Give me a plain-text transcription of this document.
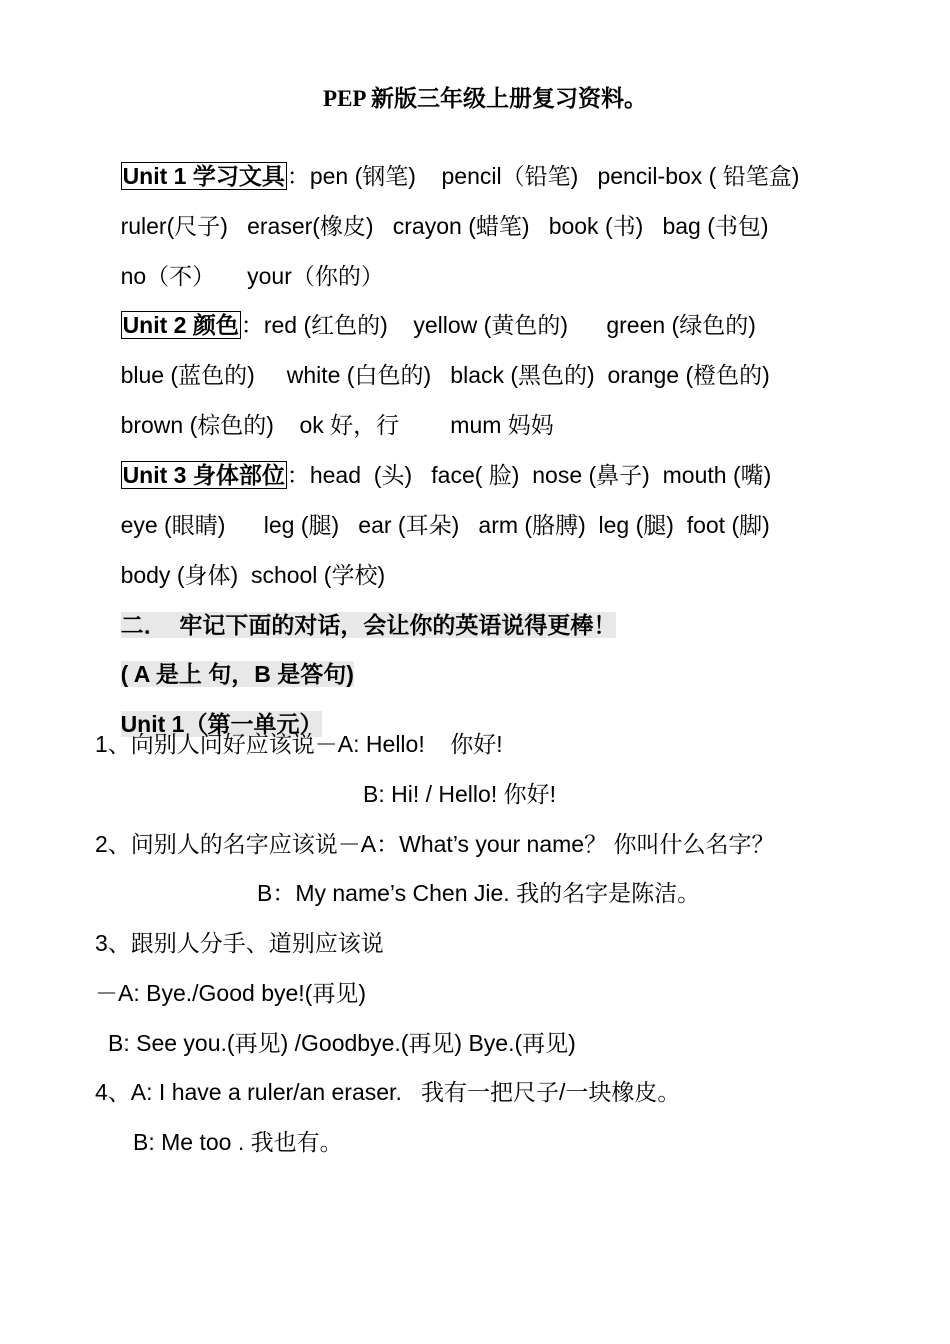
PEP 新版三年级上册复习资料。

Unit 1 学习文具：pen (钢笔) pencil（铅笔) pencil-box ( 铅笔盒)

ruler(尺子) eraser(橡皮) crayon (蜡笔) book (书) bag (书包)

no（不） your（你的）

Unit 2 颜色：red (红色的) yellow (黄色的) green (绿色的)

blue (蓝色的) white (白色的) black (黑色的) orange (橙色的)

brown (棕色的) ok 好，行 mum 妈妈

Unit 3 身体部位：head  (头) face( 脸) nose (鼻子) mouth (嘴)

eye (眼睛) leg (腿) ear (耳朵) arm (胳膊) leg (腿) foot (脚)

body (身体) school (学校)

二．  牢记下面的对话，会让你的英语说得更棒！

( A 是上 句，B 是答句)

Unit 1（第一单元）

1、向别人问好应该说－A: Hello!    你好!
B: Hi! / Hello! 你好!
2、问别人的名字应该说－A：What’s your name？ 你叫什么名字？
B：My name’s Chen Jie. 我的名字是陈洁。
3、跟别人分手、道别应该说
－A: Bye./Good bye!(再见)
B: See you.(再见) /Goodbye.(再见) Bye.(再见)
4、A: I have a ruler/an eraser.   我有一把尺子/一块橡皮。
B: Me too . 我也有。
